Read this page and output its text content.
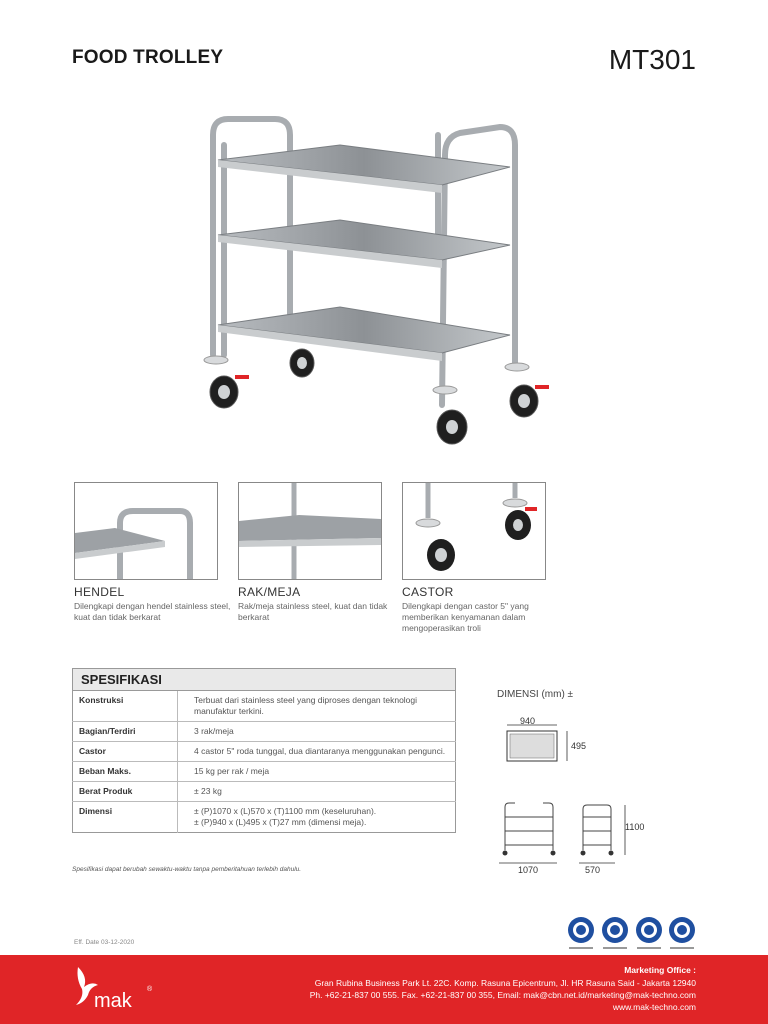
FOOD TROLLEY	MT301
HENDEL
Dilengkapi dengan hendel stainless steel, kuat dan tidak berkarat
RAK/MEJA
Rak/meja stainless steel, kuat dan tidak berkarat
CASTOR
Dilengkapi dengan castor 5" yang memberikan kenyamanan dalam mengoperasikan troli
SPESIFIKASI	
Konstruksi	Terbuat dari stainless steel yang diproses dengan teknologi manufaktur terkini.
Bagian/Terdiri	3 rak/meja
Castor	4 castor 5" roda tunggal, dua diantaranya menggunakan pengunci.
Beban Maks.	15 kg per rak / meja
Berat Produk	± 23 kg
Dimensi	± (P)1070 x (L)570 x (T)1100 mm (keseluruhan).
± (P)940 x (L)495 x (T)27 mm (dimensi meja).
Spesifikasi dapat berubah sewaktu-waktu tanpa pemberitahuan terlebih dahulu.
DIMENSI (mm) ±
940
495
1070	570
1100
Eff. Date 03-12-2020
mak
®
Marketing Office :
Gran Rubina Business Park Lt. 22C. Komp. Rasuna Epicentrum, Jl. HR Rasuna Said - Jakarta 12940
Ph. +62-21-837 00 555. Fax. +62-21-837 00 355, Email: mak@cbn.net.id/marketing@mak-techno.com
www.mak-techno.com
